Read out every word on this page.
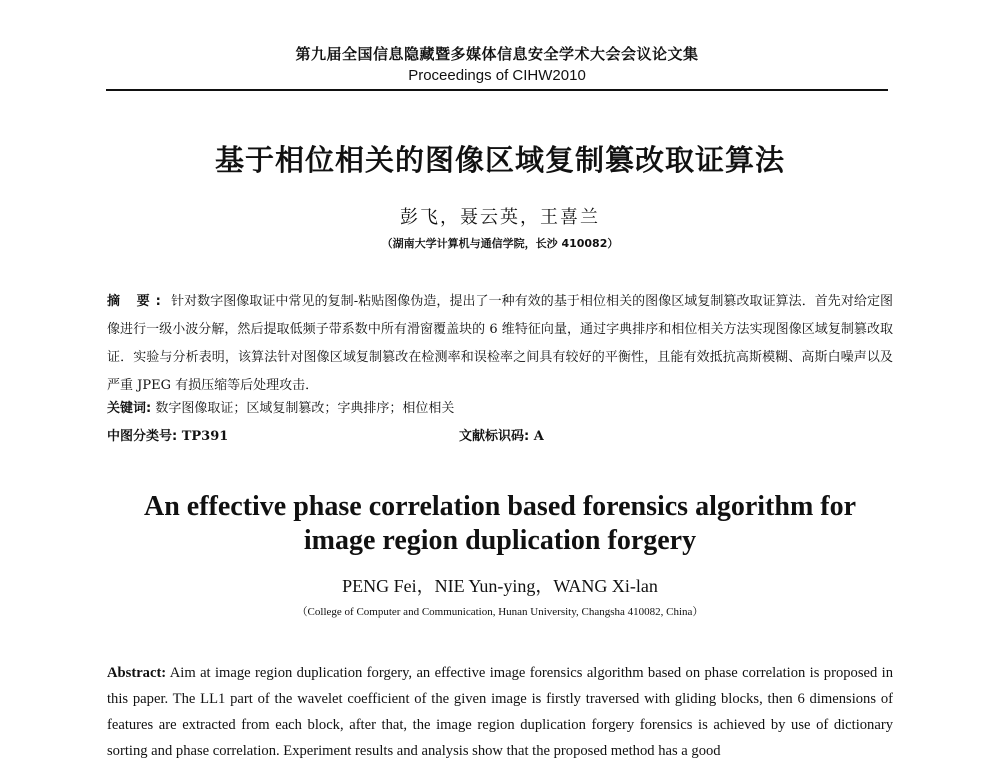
第九届全国信息隐藏暨多媒体信息安全学术大会会议论文集
Proceedings of CIHW2010
基于相位相关的图像区域复制篡改取证算法
彭飞，聂云英，王喜兰
（湖南大学计算机与通信学院，长沙 410082）
摘 要: 针对数字图像取证中常见的复制-粘贴图像伪造，提出了一种有效的基于相位相关的图像区域复制篡改取证算法．首先对给定图像进行一级小波分解，然后提取低频子带系数中所有滑窗覆盖块的 6 维特征向量，通过字典排序和相位相关方法实现图像区域复制篡改取证．实验与分析表明，该算法针对图像区域复制篡改在检测率和误检率之间具有较好的平衡性，且能有效抵抗高斯模糊、高斯白噪声以及严重 JPEG 有损压缩等后处理攻击．
关键词: 数字图像取证；区域复制篡改；字典排序；相位相关
中图分类号: TP391	文献标识码: A
An effective phase correlation based forensics algorithm for
image region duplication forgery
PENG Fei，NIE Yun-ying，WANG Xi-lan
（College of Computer and Communication, Hunan University, Changsha 410082, China）
Abstract: Aim at image region duplication forgery, an effective image forensics algorithm based on phase correlation is proposed in this paper. The LL1 part of the wavelet coefficient of the given image is firstly traversed with gliding blocks, then 6 dimensions of features are extracted from each block, after that, the image region duplication forgery forensics is achieved by use of dictionary sorting and phase correlation. Experiment results and analysis show that the proposed method has a good
